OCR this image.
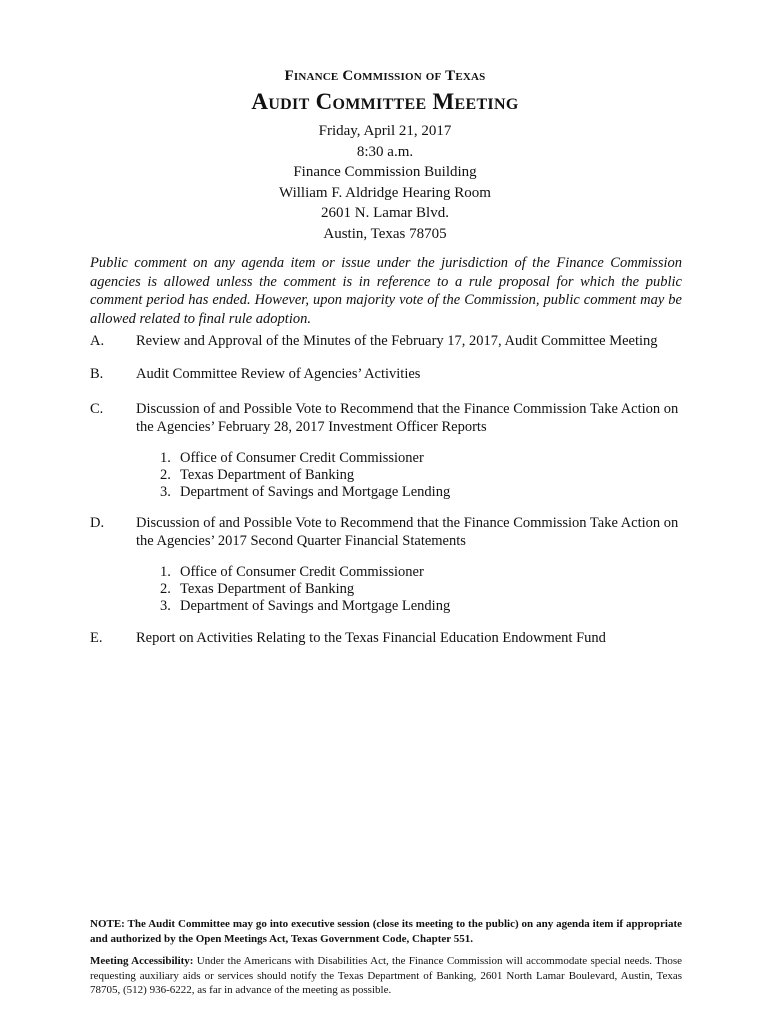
Finance Commission of Texas
Audit Committee Meeting
Friday, April 21, 2017
8:30 a.m.
Finance Commission Building
William F. Aldridge Hearing Room
2601 N. Lamar Blvd.
Austin, Texas 78705
Public comment on any agenda item or issue under the jurisdiction of the Finance Commission agencies is allowed unless the comment is in reference to a rule proposal for which the public comment period has ended. However, upon majority vote of the Commission, public comment may be allowed related to final rule adoption.
A. Review and Approval of the Minutes of the February 17, 2017, Audit Committee Meeting
B. Audit Committee Review of Agencies’ Activities
C. Discussion of and Possible Vote to Recommend that the Finance Commission Take Action on the Agencies’ February 28, 2017 Investment Officer Reports
1. Office of Consumer Credit Commissioner
2. Texas Department of Banking
3. Department of Savings and Mortgage Lending
D. Discussion of and Possible Vote to Recommend that the Finance Commission Take Action on the Agencies’ 2017 Second Quarter Financial Statements
1. Office of Consumer Credit Commissioner
2. Texas Department of Banking
3. Department of Savings and Mortgage Lending
E. Report on Activities Relating to the Texas Financial Education Endowment Fund
NOTE: The Audit Committee may go into executive session (close its meeting to the public) on any agenda item if appropriate and authorized by the Open Meetings Act, Texas Government Code, Chapter 551.
Meeting Accessibility: Under the Americans with Disabilities Act, the Finance Commission will accommodate special needs. Those requesting auxiliary aids or services should notify the Texas Department of Banking, 2601 North Lamar Boulevard, Austin, Texas 78705, (512) 936-6222, as far in advance of the meeting as possible.
